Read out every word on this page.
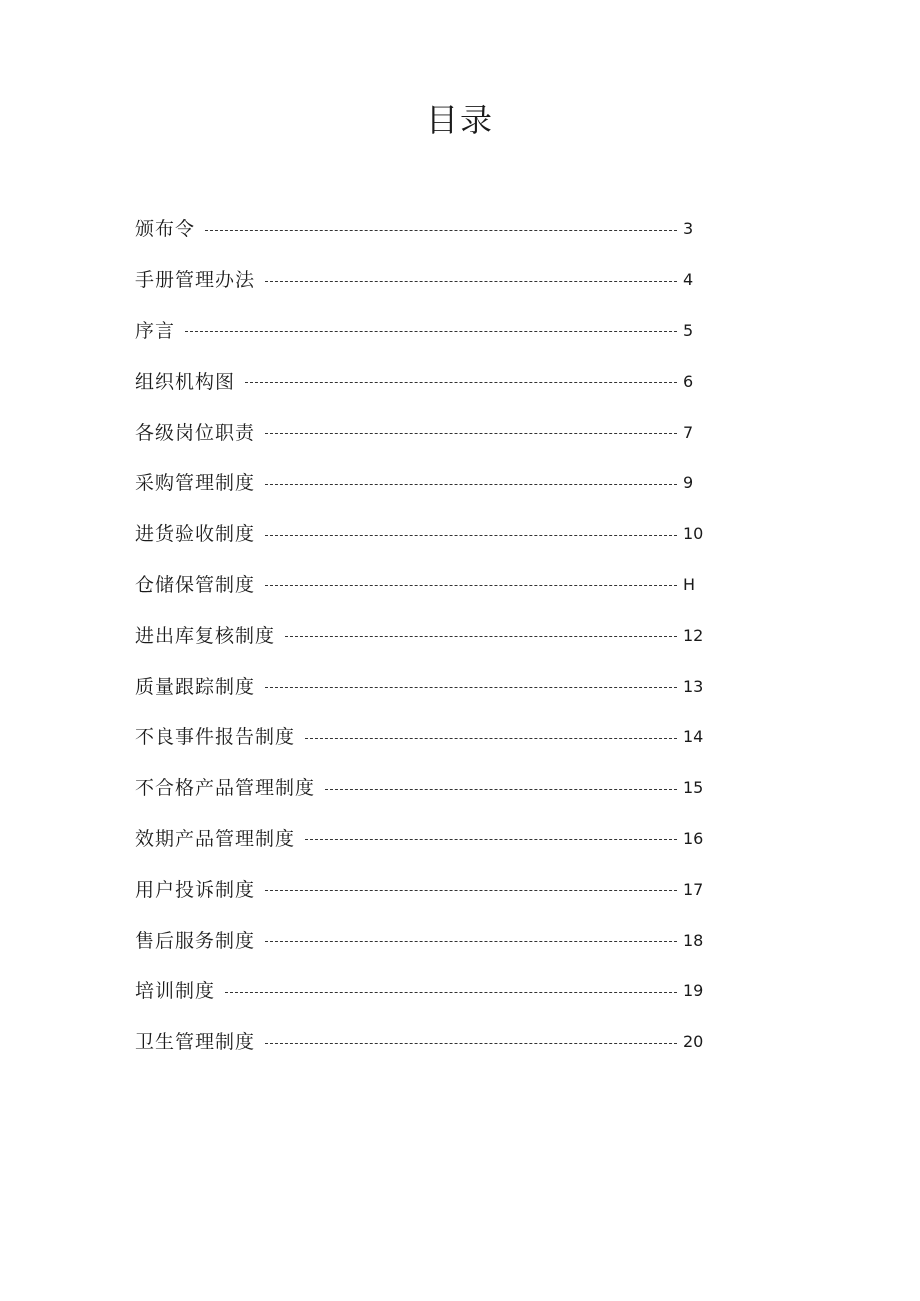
目录
颁布令	3
手册管理办法	4
序言	5
组织机构图	6
各级岗位职责	7
采购管理制度	9
进货验收制度	10
仓储保管制度	H
进出库复核制度	12
质量跟踪制度	13
不良事件报告制度	14
不合格产品管理制度	15
效期产品管理制度	16
用户投诉制度	17
售后服务制度	18
培训制度	19
卫生管理制度	20
